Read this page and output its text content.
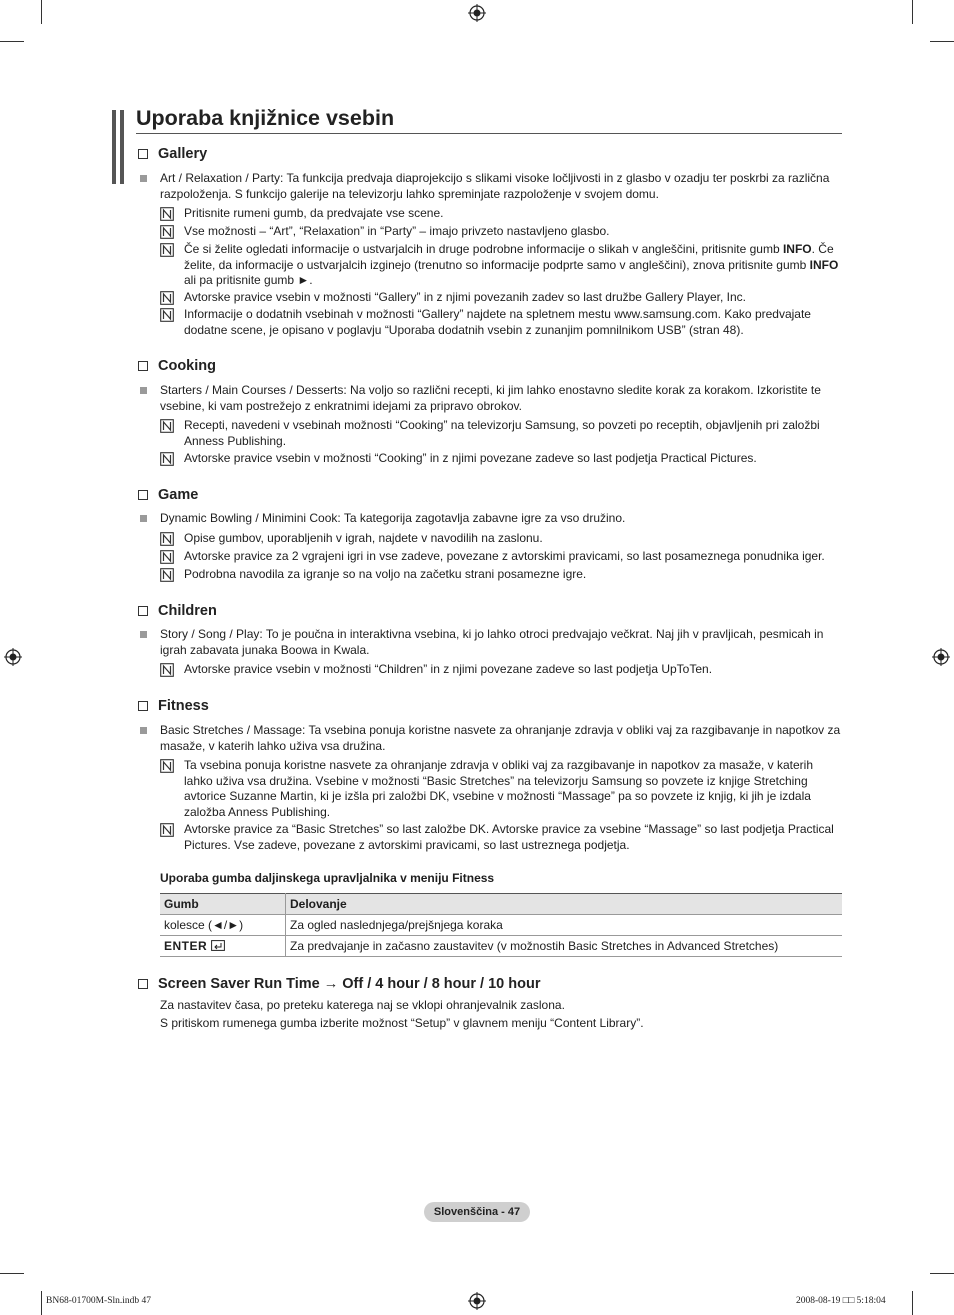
Uporaba knjižnice vsebin
Gallery
Art / Relaxation / Party: Ta funkcija predvaja diaprojekcijo s slikami visoke ločljivosti in z glasbo v ozadju ter poskrbi za različna razpoloženja. S funkcijo galerije na televizorju lahko spreminjate razpoloženje v svojem domu.
Pritisnite rumeni gumb, da predvajate vse scene.
Vse možnosti – “Art”, “Relaxation” in “Party” – imajo privzeto nastavljeno glasbo.
Če si želite ogledati informacije o ustvarjalcih in druge podrobne informacije o slikah v angleščini, pritisnite gumb INFO. Če želite, da informacije o ustvarjalcih izginejo (trenutno so informacije podprte samo v angleščini), znova pritisnite gumb INFO ali pa pritisnite gumb ►.
Avtorske pravice vsebin v možnosti “Gallery” in z njimi povezanih zadev so last družbe Gallery Player, Inc.
Informacije o dodatnih vsebinah v možnosti “Gallery” najdete na spletnem mestu www.samsung.com. Kako predvajate dodatne scene, je opisano v poglavju “Uporaba dodatnih vsebin z zunanjim pomnilnikom USB” (stran 48).
Cooking
Starters / Main Courses / Desserts: Na voljo so različni recepti, ki jim lahko enostavno sledite korak za korakom. Izkoristite te vsebine, ki vam postrežejo z enkratnimi idejami za pripravo obrokov.
Recepti, navedeni v vsebinah možnosti “Cooking” na televizorju Samsung, so povzeti po receptih, objavljenih pri založbi Anness Publishing.
Avtorske pravice vsebin v možnosti “Cooking” in z njimi povezane zadeve so last podjetja Practical Pictures.
Game
Dynamic Bowling / Minimini Cook: Ta kategorija zagotavlja zabavne igre za vso družino.
Opise gumbov, uporabljenih v igrah, najdete v navodilih na zaslonu.
Avtorske pravice za 2 vgrajeni igri in vse zadeve, povezane z avtorskimi pravicami, so last posameznega ponudnika iger.
Podrobna navodila za igranje so na voljo na začetku strani posamezne igre.
Children
Story / Song / Play: To je poučna in interaktivna vsebina, ki jo lahko otroci predvajajo večkrat. Naj jih v pravljicah, pesmicah in igrah zabavata junaka Boowa in Kwala.
Avtorske pravice vsebin v možnosti “Children” in z njimi povezane zadeve so last podjetja UpToTen.
Fitness
Basic Stretches / Massage: Ta vsebina ponuja koristne nasvete za ohranjanje zdravja v obliki vaj za razgibavanje in napotkov za masaže, v katerih lahko uživa vsa družina.
Ta vsebina ponuja koristne nasvete za ohranjanje zdravja v obliki vaj za razgibavanje in napotkov za masaže, v katerih lahko uživa vsa družina. Vsebine v možnosti “Basic Stretches” na televizorju Samsung so povzete iz knjige Stretching avtorice Suzanne Martin, ki je izšla pri založbi DK, vsebine v možnosti “Massage” pa so povzete iz knjig, ki jih je izdala založba Anness Publishing.
Avtorske pravice za “Basic Stretches” so last založbe DK. Avtorske pravice za vsebine “Massage” so last podjetja Practical Pictures. Vse zadeve, povezane z avtorskimi pravicami, so last ustreznega podjetja.
Uporaba gumba daljinskega upravljalnika v meniju Fitness
Gumb	Delovanje
kolesce (◄/►)	Za ogled naslednjega/prejšnjega koraka
ENTER	Za predvajanje in začasno zaustavitev (v možnostih Basic Stretches in Advanced Stretches)
Screen Saver Run Time → Off / 4 hour / 8 hour / 10 hour
Za nastavitev časa, po preteku katerega naj se vklopi ohranjevalnik zaslona.
S pritiskom rumenega gumba izberite možnost “Setup” v glavnem meniju “Content Library”.
Slovenščina - 47
BN68-01700M-Sln.indb 47	2008-08-19 □□ 5:18:04
